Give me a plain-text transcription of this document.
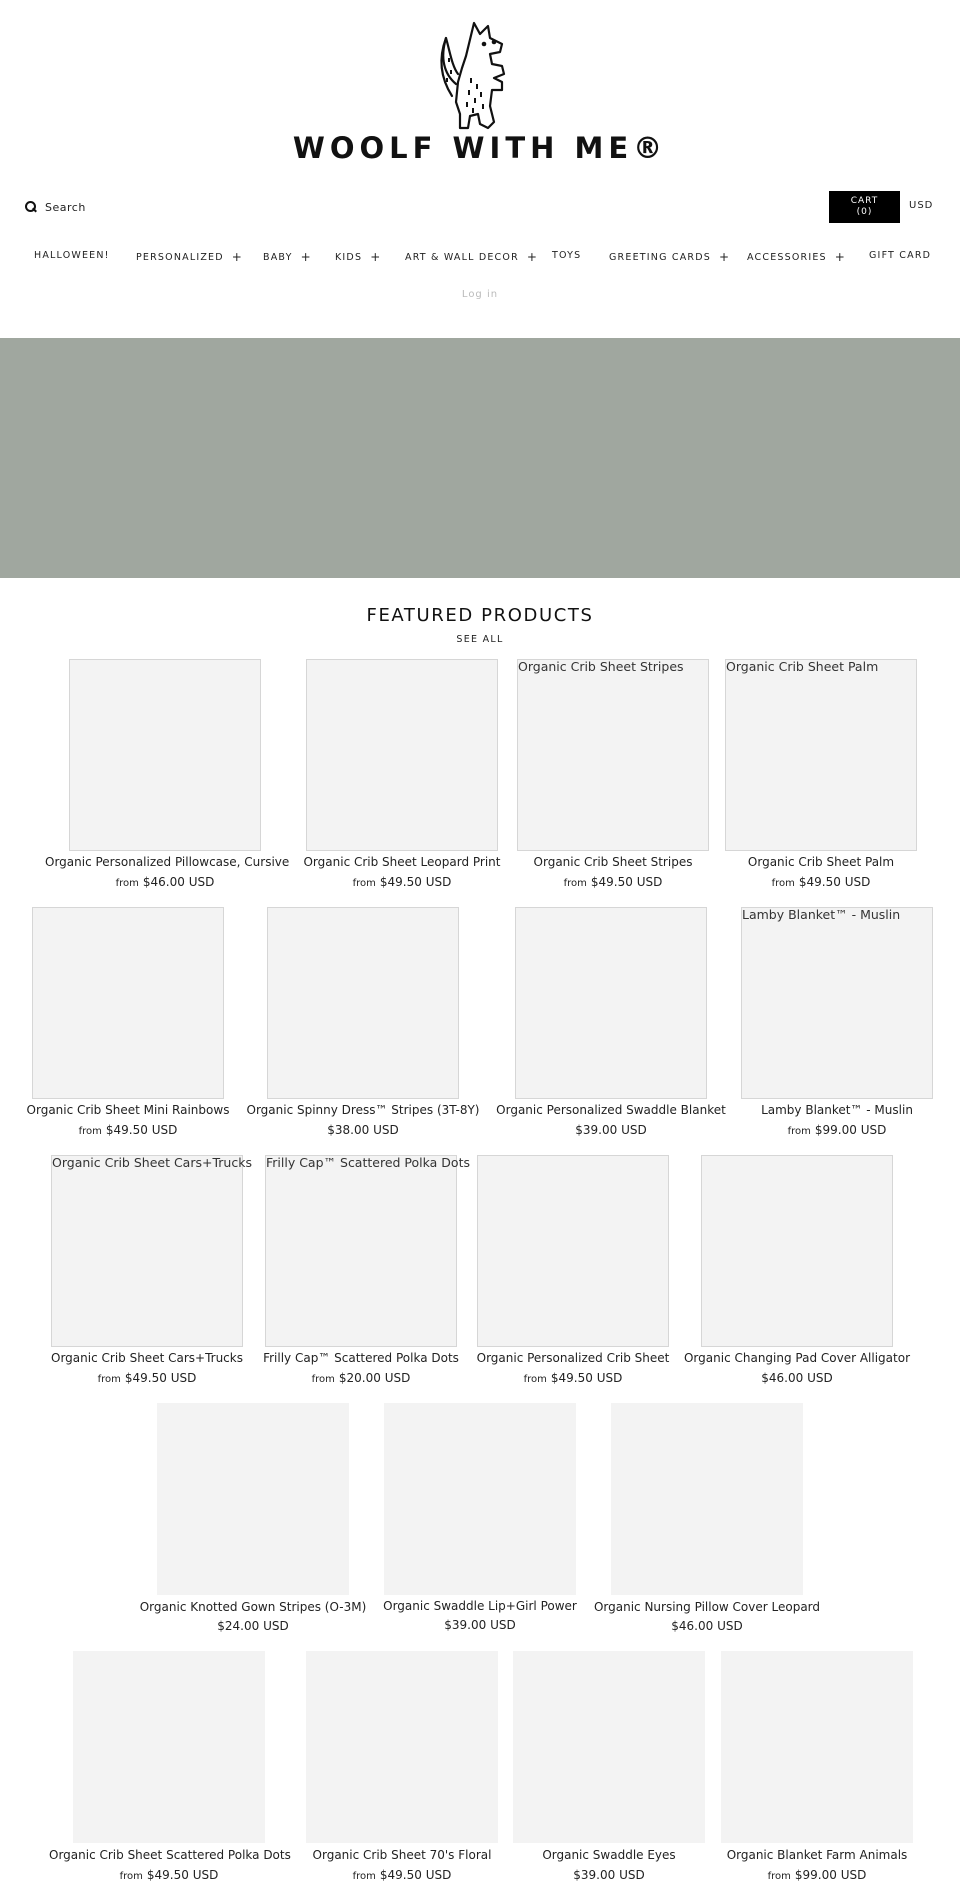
WOOLF WITH ME®
Search	CART
(0)
USD
HALLOWEEN!	PERSONALIZED + BABY + KIDS + ART & WALL DECOR + TOYS	GREETING CARDS + ACCESSORIES + GIFT CARD
Log in
FEATURED PRODUCTS
SEE ALL
Organic Personalized Pillowcase, Cursive
from $46.00 USD
Organic Crib Sheet Leopard Print
from $49.50 USD
Organic Crib Sheet Stripes
Organic Crib Sheet Stripes
from $49.50 USD
Organic Crib Sheet Palm
Organic Crib Sheet Palm
from $49.50 USD
Organic Crib Sheet Mini Rainbows
from $49.50 USD
Organic Spinny Dress™ Stripes (3T-8Y)
$38.00 USD
Organic Personalized Swaddle Blanket
$39.00 USD
Lamby Blanket™ - Muslin
Lamby Blanket™ - Muslin
from $99.00 USD
Organic Crib Sheet Cars+Trucks
Organic Crib Sheet Cars+Trucks
from $49.50 USD
Frilly Cap™ Scattered Polka Dots
Frilly Cap™ Scattered Polka Dots
from $20.00 USD
Organic Personalized Crib Sheet
from $49.50 USD
Organic Changing Pad Cover Alligator
$46.00 USD
Organic Knotted Gown Stripes (O-3M)
$24.00 USD
Organic Swaddle Lip+Girl Power
$39.00 USD
Organic Nursing Pillow Cover Leopard
$46.00 USD
Organic Crib Sheet Scattered Polka Dots
from $49.50 USD
Organic Crib Sheet 70's Floral
from $49.50 USD
Organic Swaddle Eyes
$39.00 USD
Organic Blanket Farm Animals
from $99.00 USD
